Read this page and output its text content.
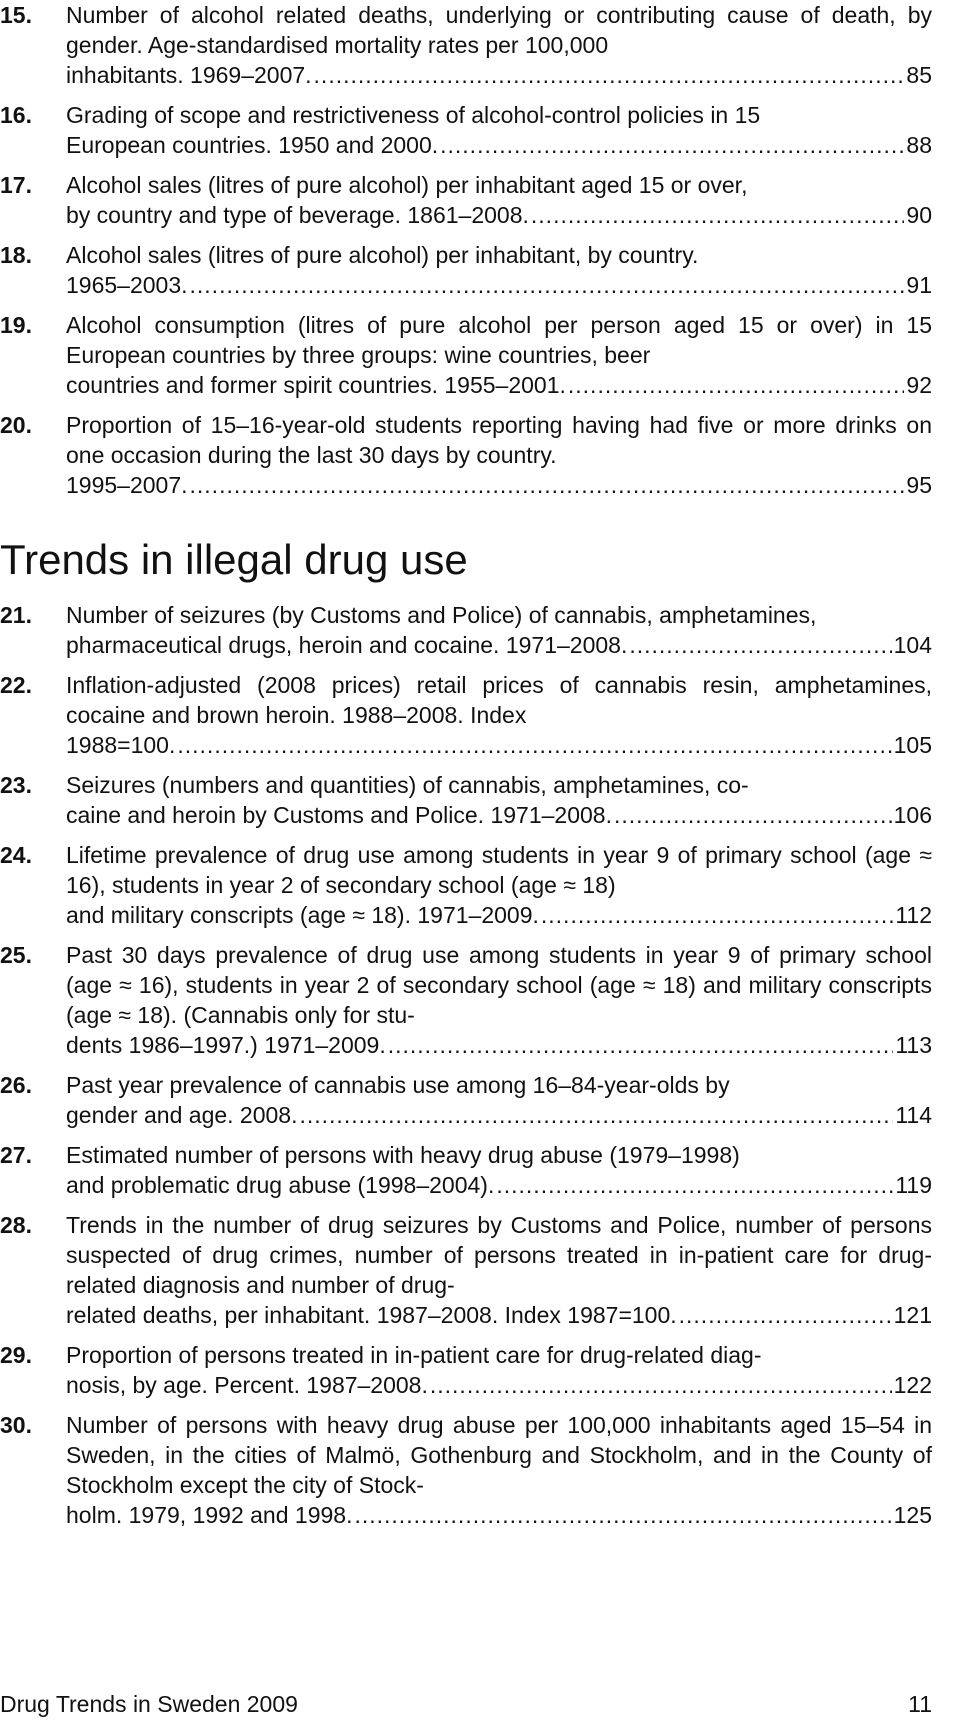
15. Number of alcohol related deaths, underlying or contributing cause of death, by gender. Age-standardised mortality rates per 100,000
inhabitants. 1969–2007. .....	85
16. Grading of scope and restrictiveness of alcohol-control policies in 15
European countries. 1950 and 2000. .....	88
17. Alcohol sales (litres of pure alcohol) per inhabitant aged 15 or over,
by country and type of beverage. 1861–2008. .....	90
18. Alcohol sales (litres of pure alcohol) per inhabitant, by country.
1965–2003. .....	91
19. Alcohol consumption (litres of pure alcohol per person aged 15 or over) in 15 European countries by three groups: wine countries, beer
countries and former spirit countries. 1955–2001. .....	92
20. Proportion of 15–16-year-old students reporting having had five or more drinks on one occasion during the last 30 days by country.
1995–2007. .....	95
Trends in illegal drug use
21. Number of seizures (by Customs and Police) of cannabis, amphetamines,
pharmaceutical drugs, heroin and cocaine. 1971–2008. .....	104
22. Inflation-adjusted (2008 prices) retail prices of cannabis resin, amphetamines, cocaine and brown heroin. 1988–2008. Index
1988=100. .....	105
23. Seizures (numbers and quantities) of cannabis, amphetamines, co-
caine and heroin by Customs and Police. 1971–2008. .....	106
24. Lifetime prevalence of drug use among students in year 9 of primary school (age ≈ 16), students in year 2 of secondary school (age ≈ 18)
and military conscripts (age ≈ 18). 1971–2009. .....	112
25. Past 30 days prevalence of drug use among students in year 9 of primary school (age ≈ 16), students in year 2 of secondary school (age ≈ 18) and military conscripts (age ≈ 18). (Cannabis only for stu-
dents 1986–1997.) 1971–2009. .....	113
26. Past year prevalence of cannabis use among 16–84-year-olds by
gender and age. 2008. .....	114
27. Estimated number of persons with heavy drug abuse (1979–1998)
and problematic drug abuse (1998–2004). .....	119
28. Trends in the number of drug seizures by Customs and Police, number of persons suspected of drug crimes, number of persons treated in in-patient care for drug-related diagnosis and number of drug-
related deaths, per inhabitant. 1987–2008. Index 1987=100. .....	121
29. Proportion of persons treated in in-patient care for drug-related diag-
nosis, by age. Percent. 1987–2008. .....	122
30. Number of persons with heavy drug abuse per 100,000 inhabitants aged 15–54 in Sweden, in the cities of Malmö, Gothenburg and Stockholm, and in the County of Stockholm except the city of Stock-
holm. 1979, 1992 and 1998. .....	125
Drug Trends in Sweden 2009	11
